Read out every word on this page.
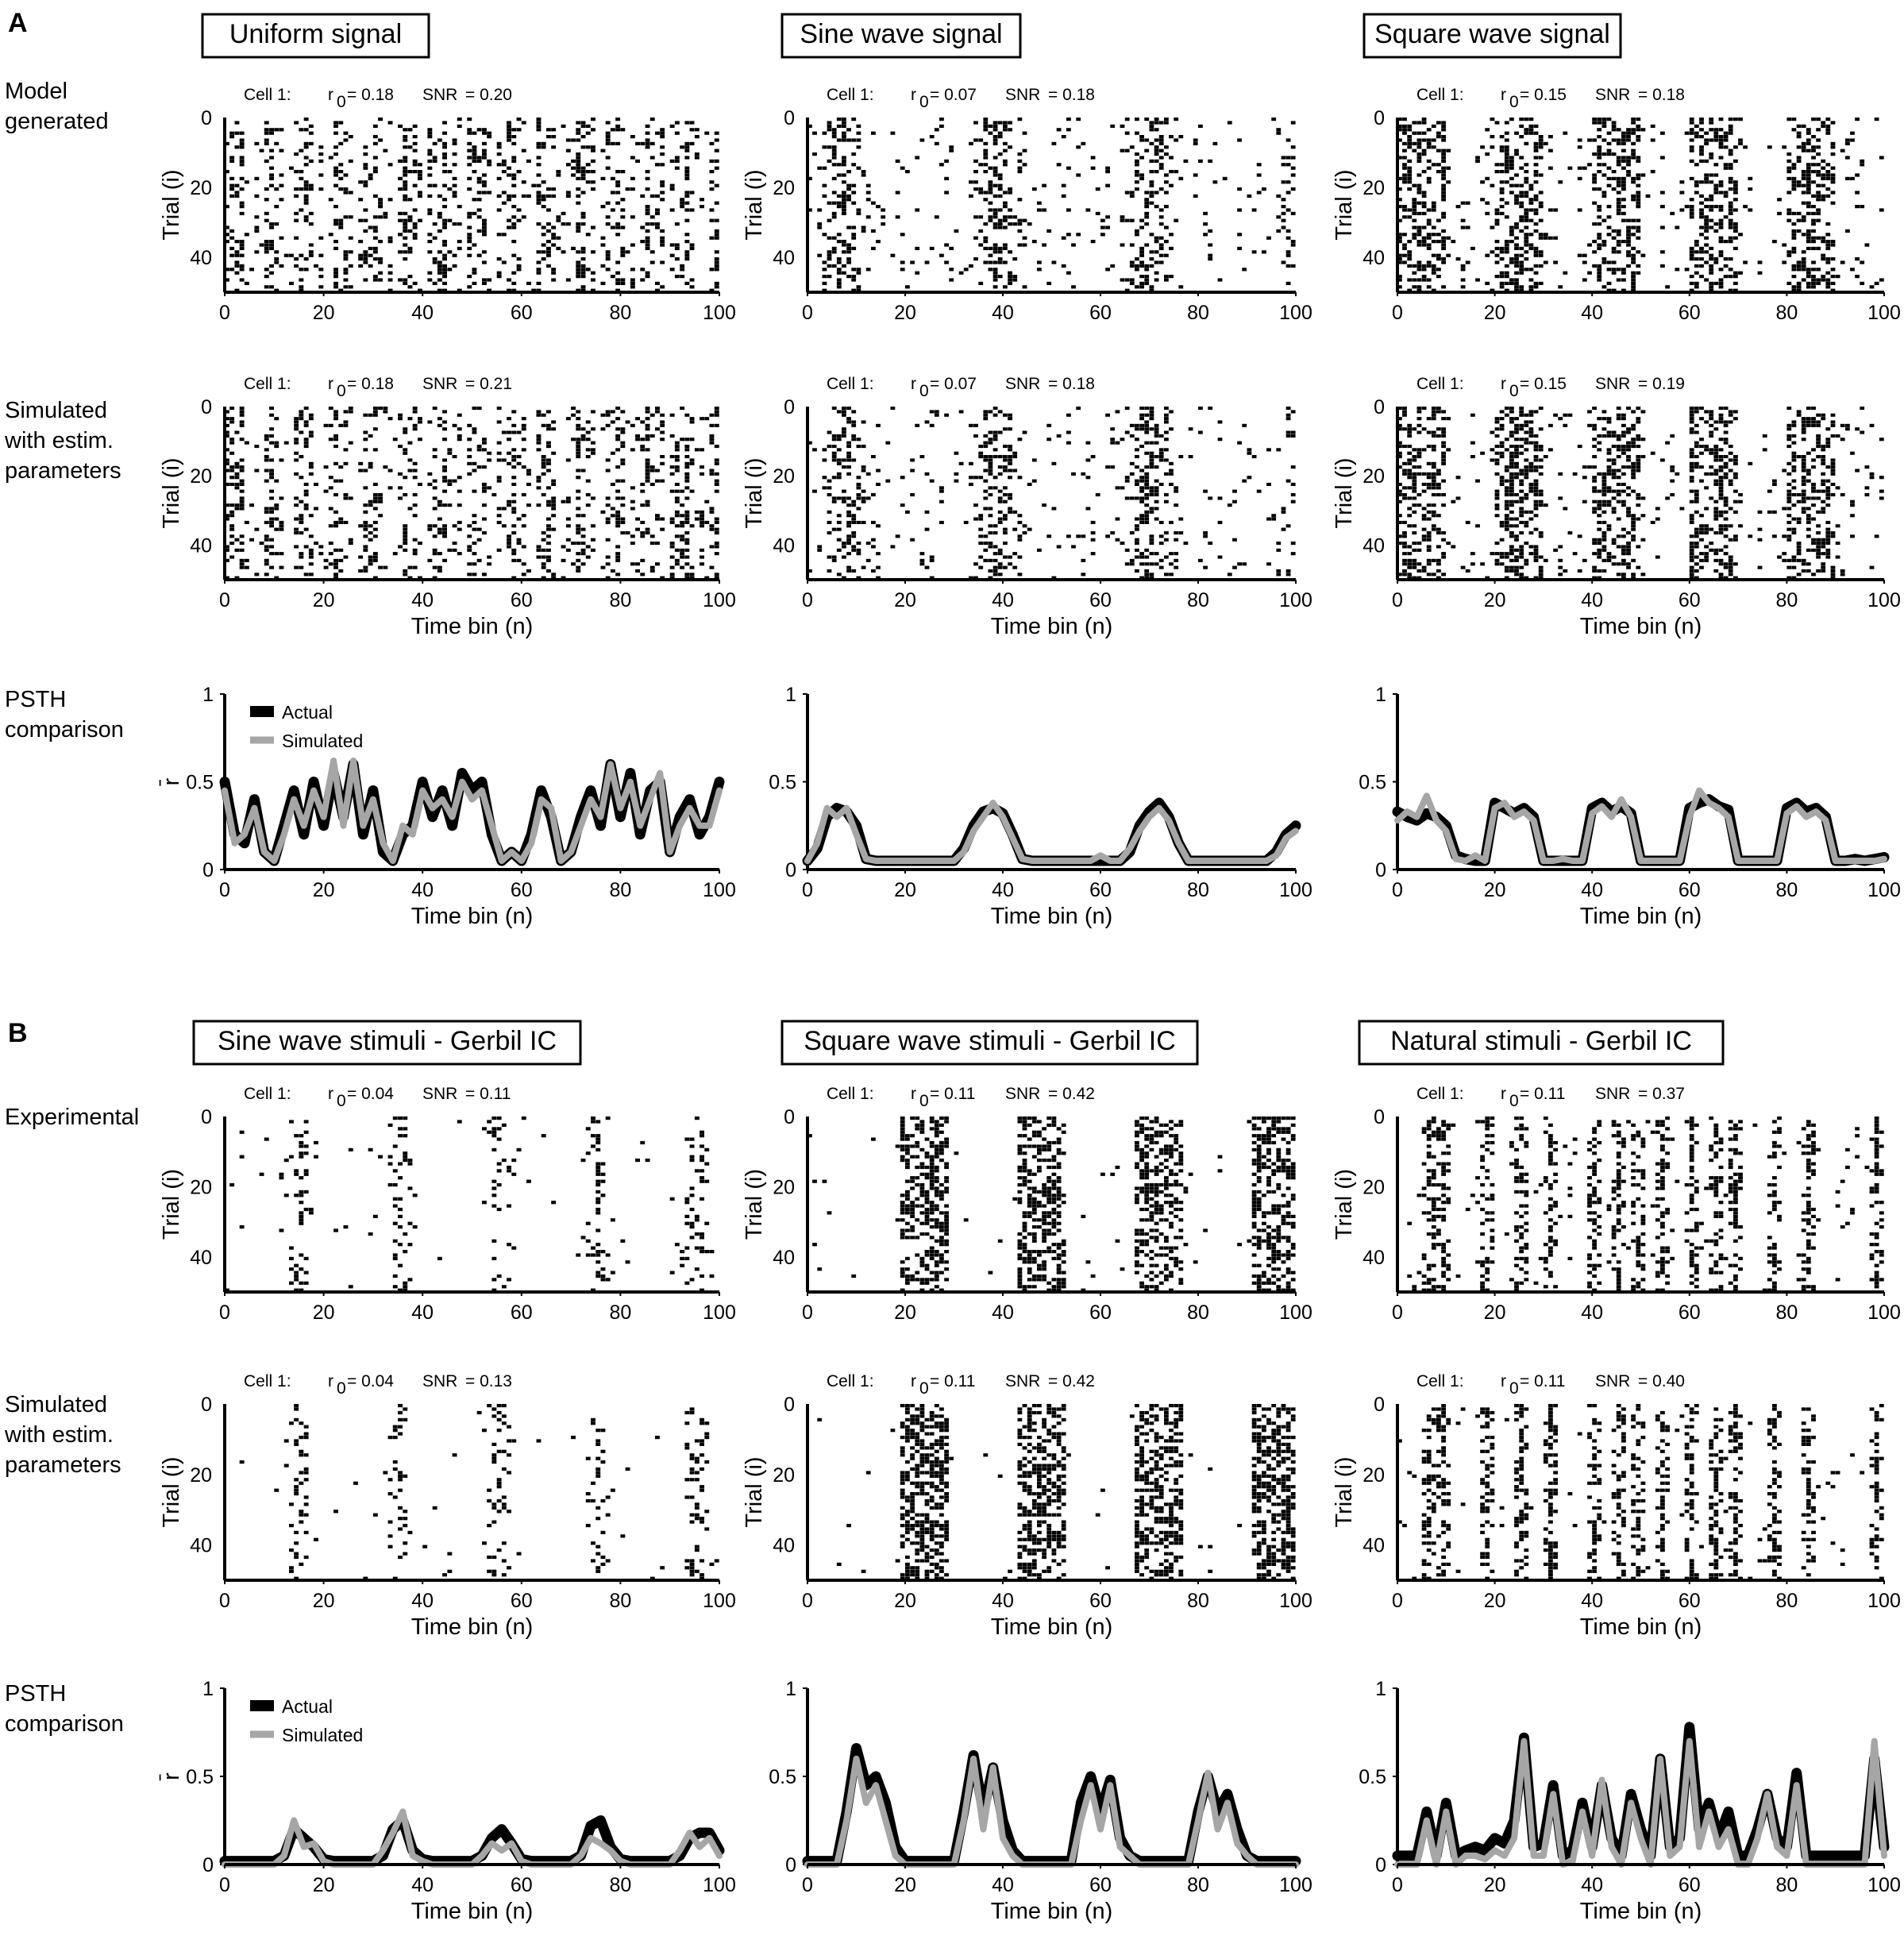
A	Uniform signal	Sine wave signal	Square wave signal
Model
generated
Simulated
with estim.
parameters
PSTH
comparison
B	Sine wave stimuli - Gerbil IC	Square wave stimuli - Gerbil IC	Natural stimuli - Gerbil IC
Experimental
Simulated
with estim.
parameters
PSTH
comparison
0
20
40
Trial (i)
Cell 1: r 0 = 0.18 SNR = 0.20
0	20	40	60	80	100
0
20
40
Trial (i)
Time bin (n)
Cell 1: r 0 = 0.18 SNR = 0.21
0	20	40	60	80	100
0
0.5
1
r̄
Time bin (n)
Actual
Simulated
0	20	40	60	80	100
0
20
40
Trial (i)
Cell 1: r 0 = 0.07 SNR = 0.18
0	20	40	60	80	100
0
20
40
Trial (i)
Time bin (n)
Cell 1: r 0 = 0.07 SNR = 0.18
0	20	40	60	80	100
0
0.5
1
Time bin (n)
0	20	40	60	80	100
0
20
40
Trial (i)
Cell 1: r 0 = 0.15 SNR = 0.18
0	20	40	60	80	100
0
20
40
Trial (i)
Time bin (n)
Cell 1: r 0 = 0.15 SNR = 0.19
0	20	40	60	80	100
0
0.5
1
Time bin (n)
0	20	40	60	80	100
0
20
40
Trial (i)
Cell 1: r 0 = 0.04 SNR = 0.11
0	20	40	60	80	100
0
20
40
Trial (i)
Time bin (n)
Cell 1: r 0 = 0.04 SNR = 0.13
0	20	40	60	80	100
0
0.5
1
r̄
Time bin (n)
Actual
Simulated
0	20	40	60	80	100
0
20
40
Trial (i)
Cell 1: r 0 = 0.11 SNR = 0.42
0	20	40	60	80	100
0
20
40
Trial (i)
Time bin (n)
Cell 1: r 0 = 0.11 SNR = 0.42
0	20	40	60	80	100
0
0.5
1
Time bin (n)
0	20	40	60	80	100
0
20
40
Trial (i)
Cell 1: r 0 = 0.11 SNR = 0.37
0	20	40	60	80	100
0
20
40
Trial (i)
Time bin (n)
Cell 1: r 0 = 0.11 SNR = 0.40
0	20	40	60	80	100
0
0.5
1
Time bin (n)
0	20	40	60	80	100
